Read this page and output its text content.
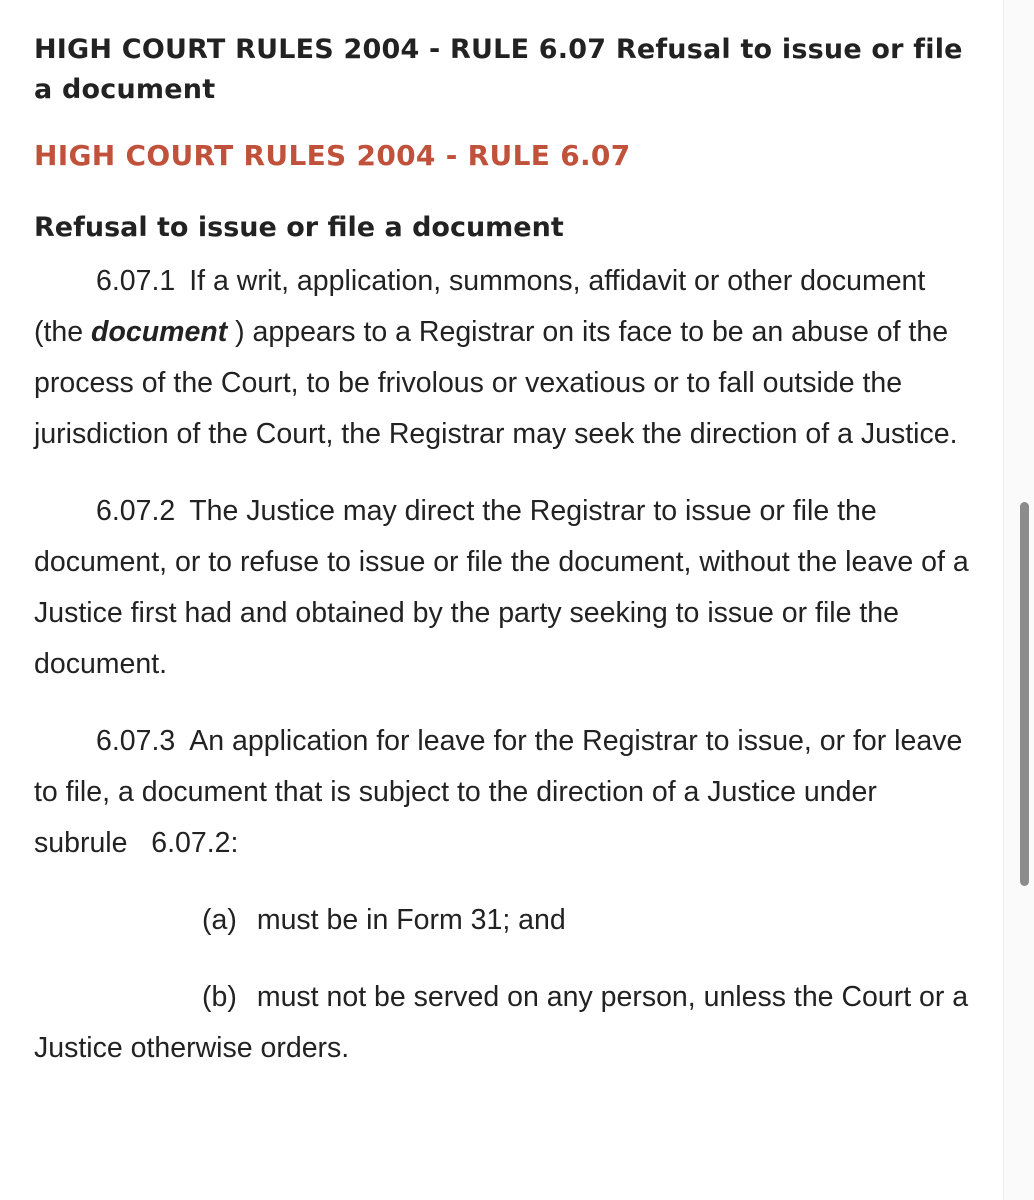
HIGH COURT RULES 2004 - RULE 6.07 Refusal to issue or file a document
HIGH COURT RULES 2004 - RULE 6.07
Refusal to issue or file a document

6.07.1 If a writ, application, summons, affidavit or other document (the document ) appears to a Registrar on its face to be an abuse of the process of the Court, to be frivolous or vexatious or to fall outside the jurisdiction of the Court, the Registrar may seek the direction of a Justice.

6.07.2 The Justice may direct the Registrar to issue or file the document, or to refuse to issue or file the document, without the leave of a Justice first had and obtained by the party seeking to issue or file the document.

6.07.3 An application for leave for the Registrar to issue, or for leave to file, a document that is subject to the direction of a Justice under subrule   6.07.2:

(a) must be in Form 31; and

(b) must not be served on any person, unless the Court or a Justice otherwise orders.
